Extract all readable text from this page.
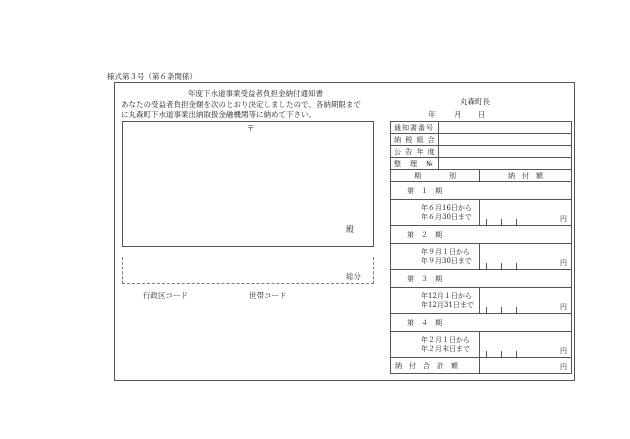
様式第３号（第６条関係）
年度下水道事業受益者負担金納付通知書
あなたの受益者負担金額を次のとおり決定しましたので、各納期限まで
に丸森町下水道事業出納取扱金融機関等に納めて下さい。
丸森町長
年 月 日
〒
殿
総分
行政区コード	世帯コード
通知書番号		
納 税 組 合		
公 告 年 度		
整　理　№		
期　　　　別		納　付　額
第　１　期		

年６月16日から
年６月30日まで		円

第　２　期		

年９月１日から
年９月30日まで		円

第　３　期		

年12月１日から
年12月31日まで		円

第　４　期		

年２月１日から
年２月末日まで		円

納　付　合　計　額		円
